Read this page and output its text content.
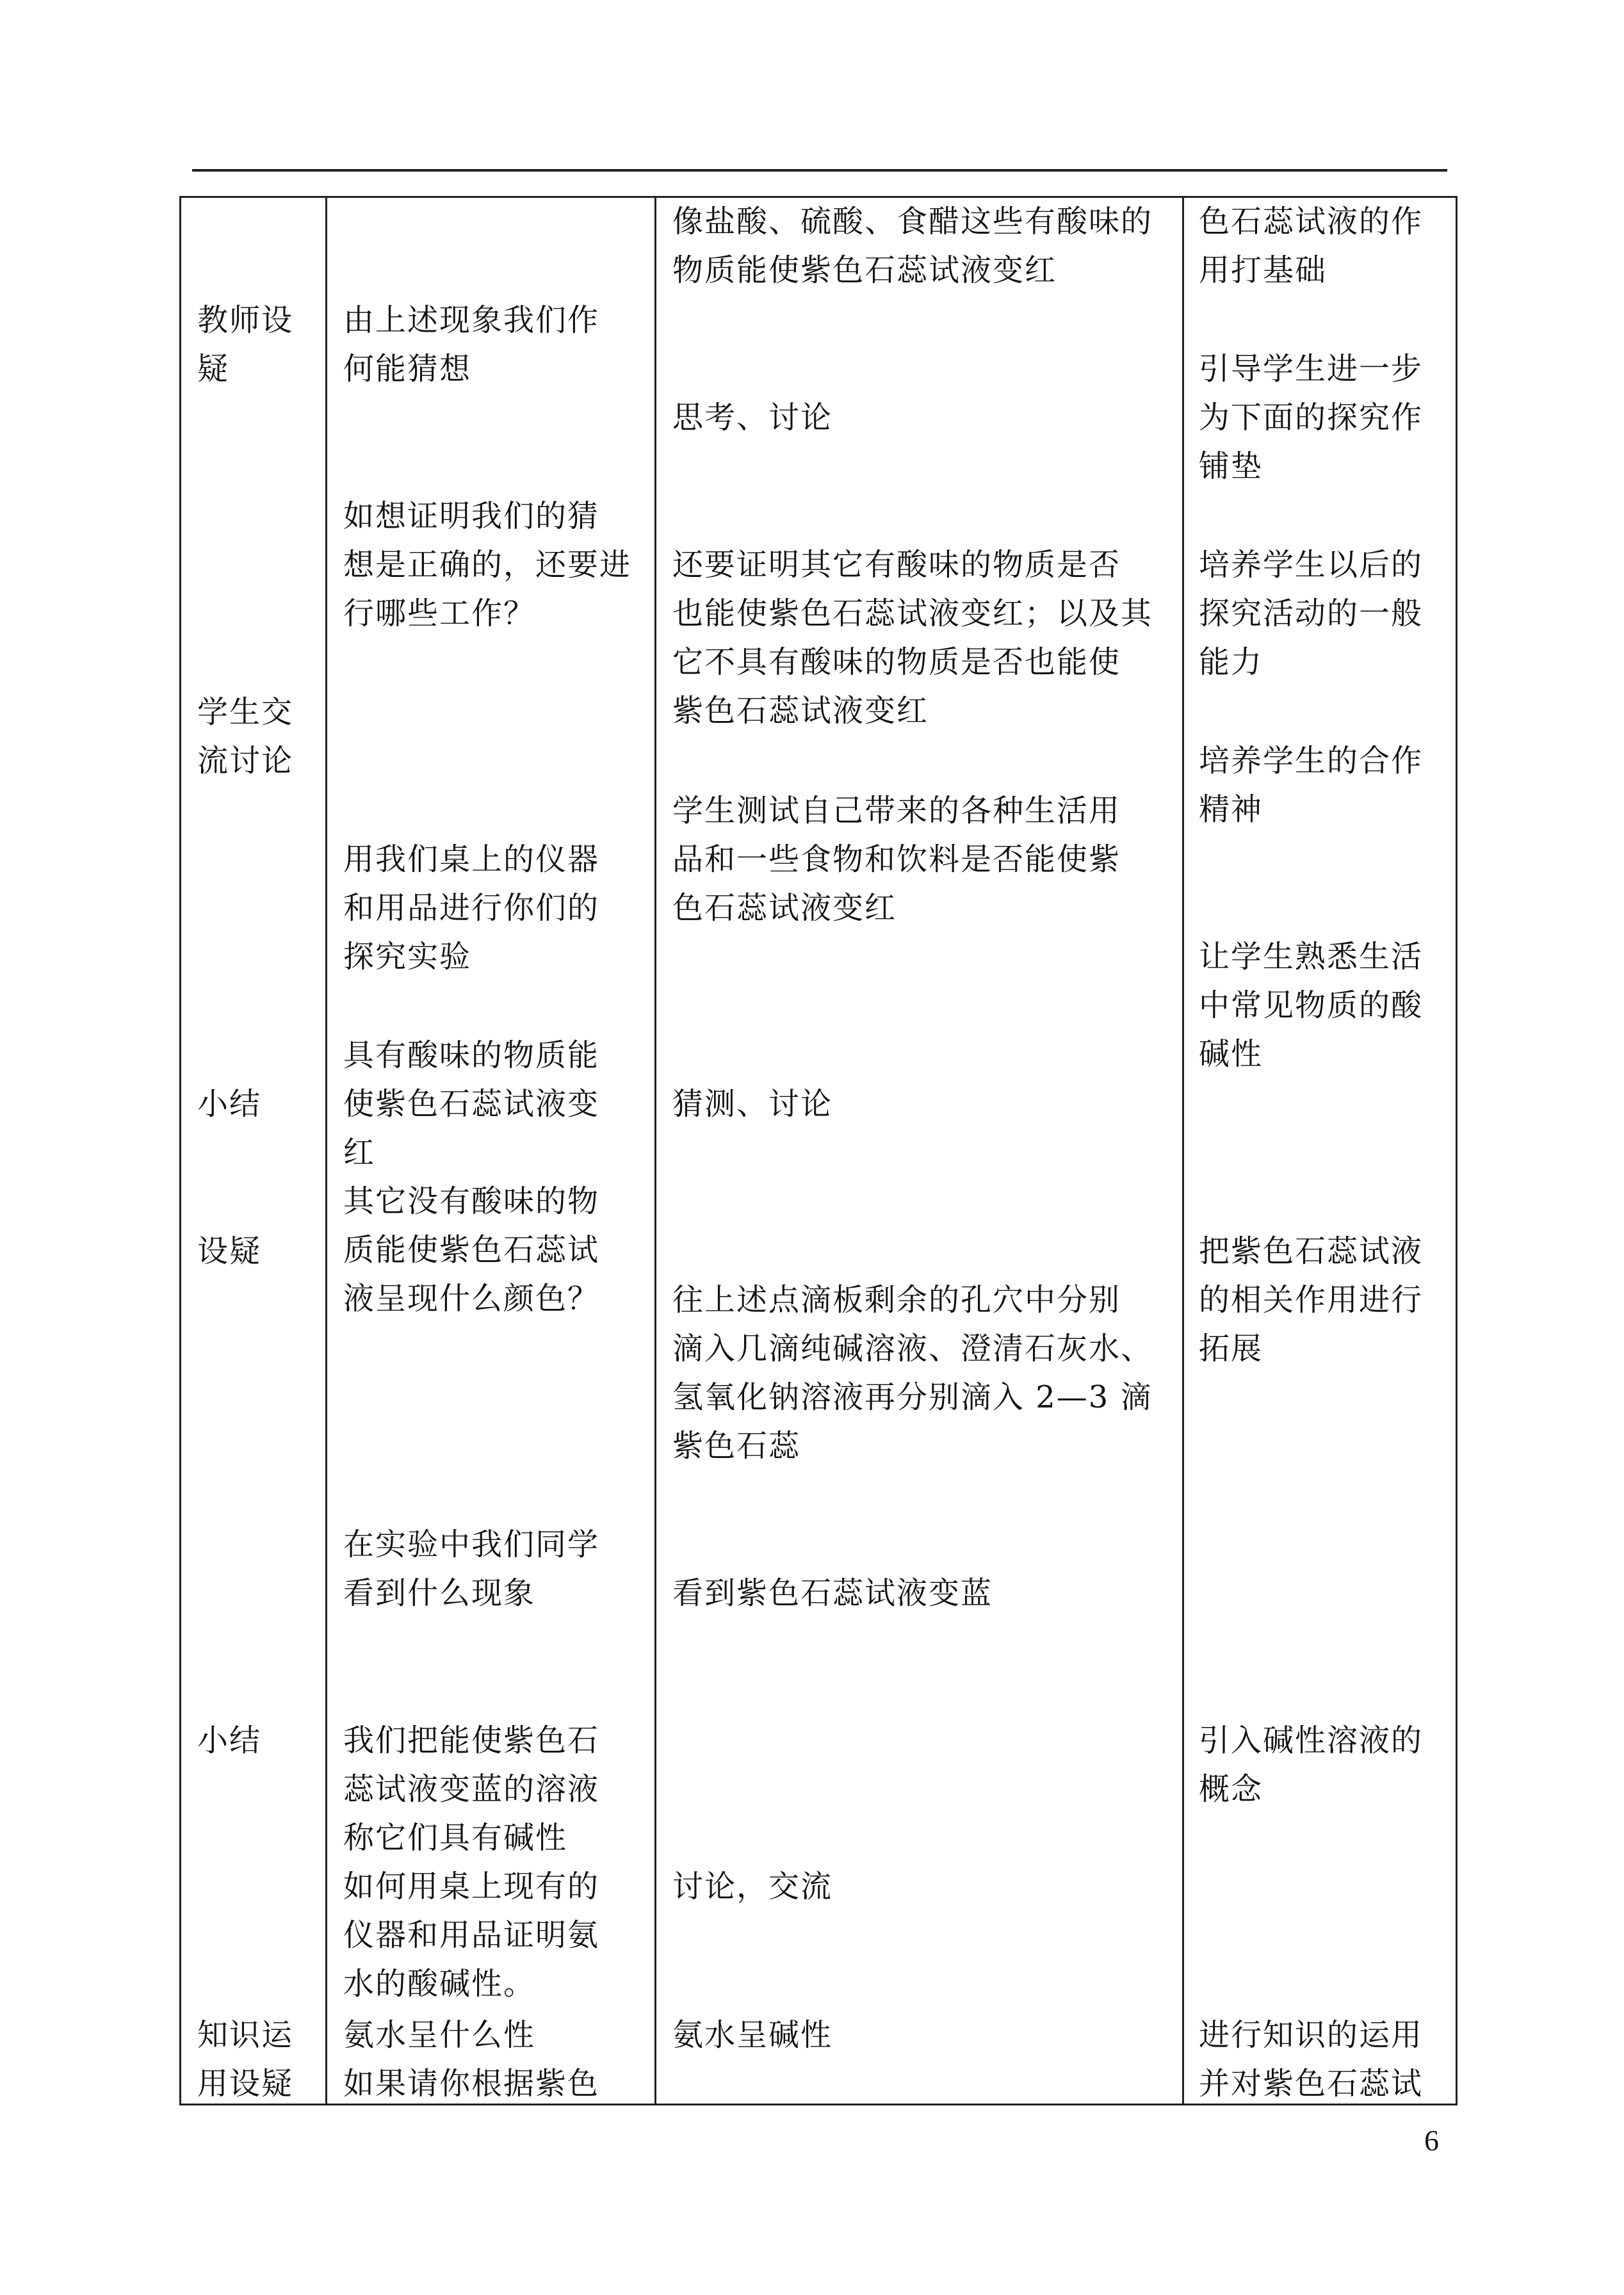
教师设
疑
学生交
流讨论
小结
设疑
小结
知识运
用设疑
由上述现象我们作
何能猜想
如想证明我们的猜
想是正确的，还要进
行哪些工作？
用我们桌上的仪器
和用品进行你们的
探究实验
具有酸味的物质能
使紫色石蕊试液变
红
其它没有酸味的物
质能使紫色石蕊试
液呈现什么颜色？
在实验中我们同学
看到什么现象
我们把能使紫色石
蕊试液变蓝的溶液
称它们具有碱性
如何用桌上现有的
仪器和用品证明氨
水的酸碱性。
氨水呈什么性
如果请你根据紫色
像盐酸、硫酸、食醋这些有酸味的
物质能使紫色石蕊试液变红
思考、讨论
还要证明其它有酸味的物质是否
也能使紫色石蕊试液变红；以及其
它不具有酸味的物质是否也能使
紫色石蕊试液变红
学生测试自己带来的各种生活用
品和一些食物和饮料是否能使紫
色石蕊试液变红
猜测、讨论
往上述点滴板剩余的孔穴中分别
滴入几滴纯碱溶液、澄清石灰水、
氢氧化钠溶液再分别滴入 2—3 滴
紫色石蕊
看到紫色石蕊试液变蓝
讨论，交流
氨水呈碱性
色石蕊试液的作
用打基础
引导学生进一步
为下面的探究作
铺垫
培养学生以后的
探究活动的一般
能力
培养学生的合作
精神
让学生熟悉生活
中常见物质的酸
碱性
把紫色石蕊试液
的相关作用进行
拓展
引入碱性溶液的
概念
进行知识的运用
并对紫色石蕊试
6
